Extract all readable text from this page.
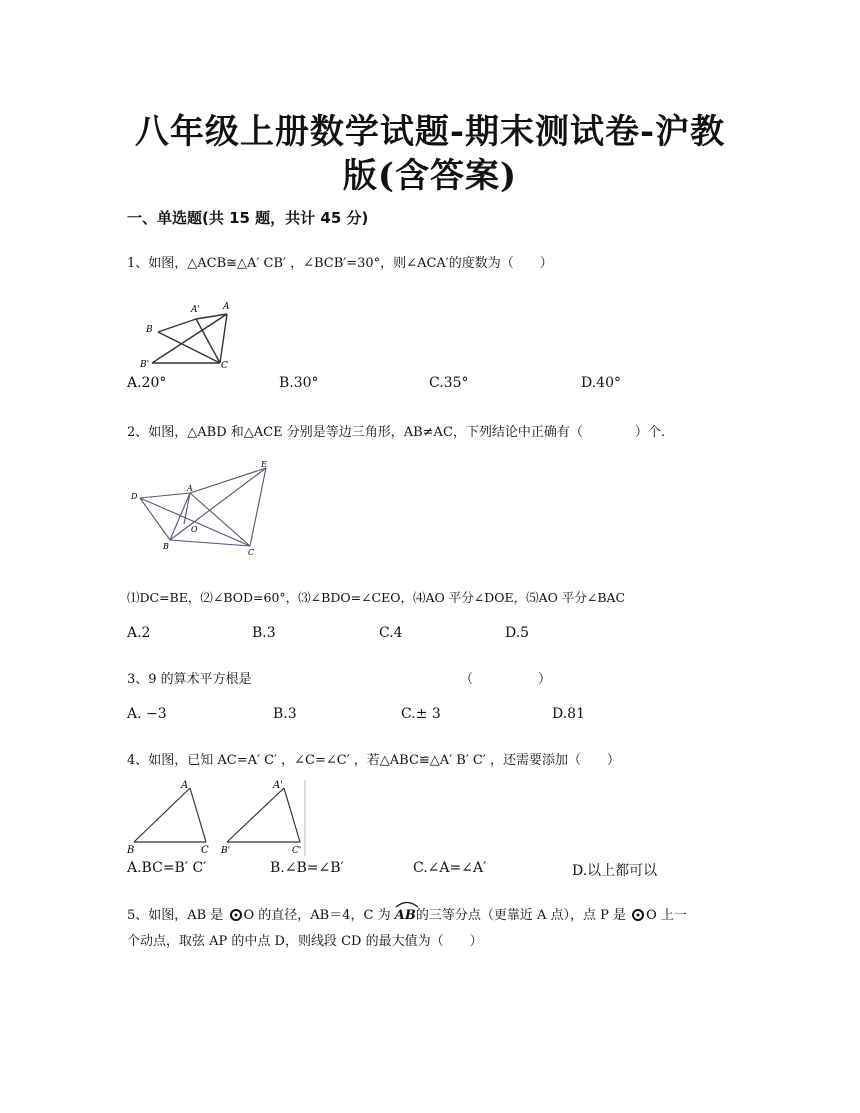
八年级上册数学试题-期末测试卷-沪教
版(含答案)
一、单选题(共 15 题，共计 45 分)
1、如图，△ACB≅△A′ CB′ ，∠BCB′=30°，则∠ACA′的度数为（　　）
A'	A
B
B'	C
A.20°	B.30°	C.35°	D.40°
2、如图，△ABD 和△ACE 分别是等边三角形，AB≠AC，下列结论中正确有（　　　　）个.
E
D
A
O
B
C
⑴DC=BE，⑵∠BOD=60°，⑶∠BDO=∠CEO，⑷AO 平分∠DOE，⑸AO 平分∠BAC
A.2	B.3	C.4	D.5
3、9 的算术平方根是	（　　　　　）
A. −3	B.3	C.± 3	D.81
4、如图，已知 AC=A′ C′ ，∠C=∠C′ ，若△ABC≌△A′ B′ C′ ，还需要添加（　　）
A
B	C
A'
B'	C'
A.BC=B′ C′	B.∠B=∠B′	C.∠A=∠A′	D.以上都可以
5、如图，AB 是 O 的直径，AB＝4，C 为 AB的三等分点（更靠近 A 点），点 P 是 O 上一
个动点，取弦 AP 的中点 D，则线段 CD 的最大值为（　　）
